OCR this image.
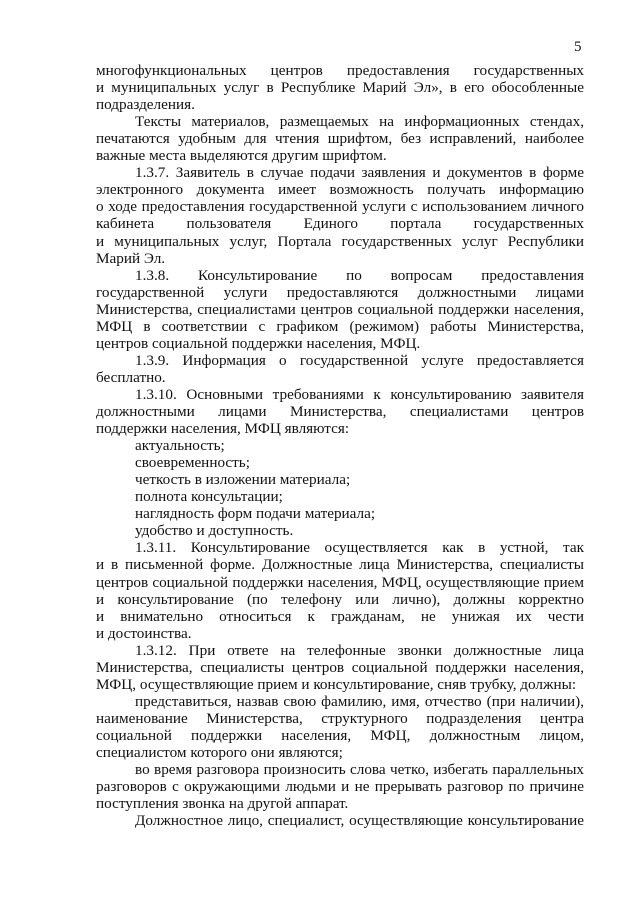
5
многофункциональных центров предоставления государственных
и муниципальных услуг в Республике Марий Эл», в его обособленные
подразделения.
Тексты материалов, размещаемых на информационных стендах,
печатаются удобным для чтения шрифтом, без исправлений, наиболее
важные места выделяются другим шрифтом.
1.3.7. Заявитель в случае подачи заявления и документов в форме
электронного документа имеет возможность получать информацию
о ходе предоставления государственной услуги с использованием личного
кабинета пользователя Единого портала государственных
и муниципальных услуг, Портала государственных услуг Республики
Марий Эл.
1.3.8. Консультирование по вопросам предоставления
государственной услуги предоставляются должностными лицами
Министерства, специалистами центров социальной поддержки населения,
МФЦ в соответствии с графиком (режимом) работы Министерства,
центров социальной поддержки населения, МФЦ.
1.3.9. Информация о государственной услуге предоставляется
бесплатно.
1.3.10. Основными требованиями к консультированию заявителя
должностными лицами Министерства, специалистами центров
поддержки населения, МФЦ являются:
актуальность;
своевременность;
четкость в изложении материала;
полнота консультации;
наглядность форм подачи материала;
удобство и доступность.
1.3.11. Консультирование осуществляется как в устной, так
и в письменной форме. Должностные лица Министерства, специалисты
центров социальной поддержки населения, МФЦ, осуществляющие прием
и консультирование (по телефону или лично), должны корректно
и внимательно относиться к гражданам, не унижая их чести
и достоинства.
1.3.12. При ответе на телефонные звонки должностные лица
Министерства, специалисты центров социальной поддержки населения,
МФЦ, осуществляющие прием и консультирование, сняв трубку, должны:
представиться, назвав свою фамилию, имя, отчество (при наличии),
наименование Министерства, структурного подразделения центра
социальной поддержки населения, МФЦ, должностным лицом,
специалистом которого они являются;
во время разговора произносить слова четко, избегать параллельных
разговоров с окружающими людьми и не прерывать разговор по причине
поступления звонка на другой аппарат.
Должностное лицо, специалист, осуществляющие консультирование
